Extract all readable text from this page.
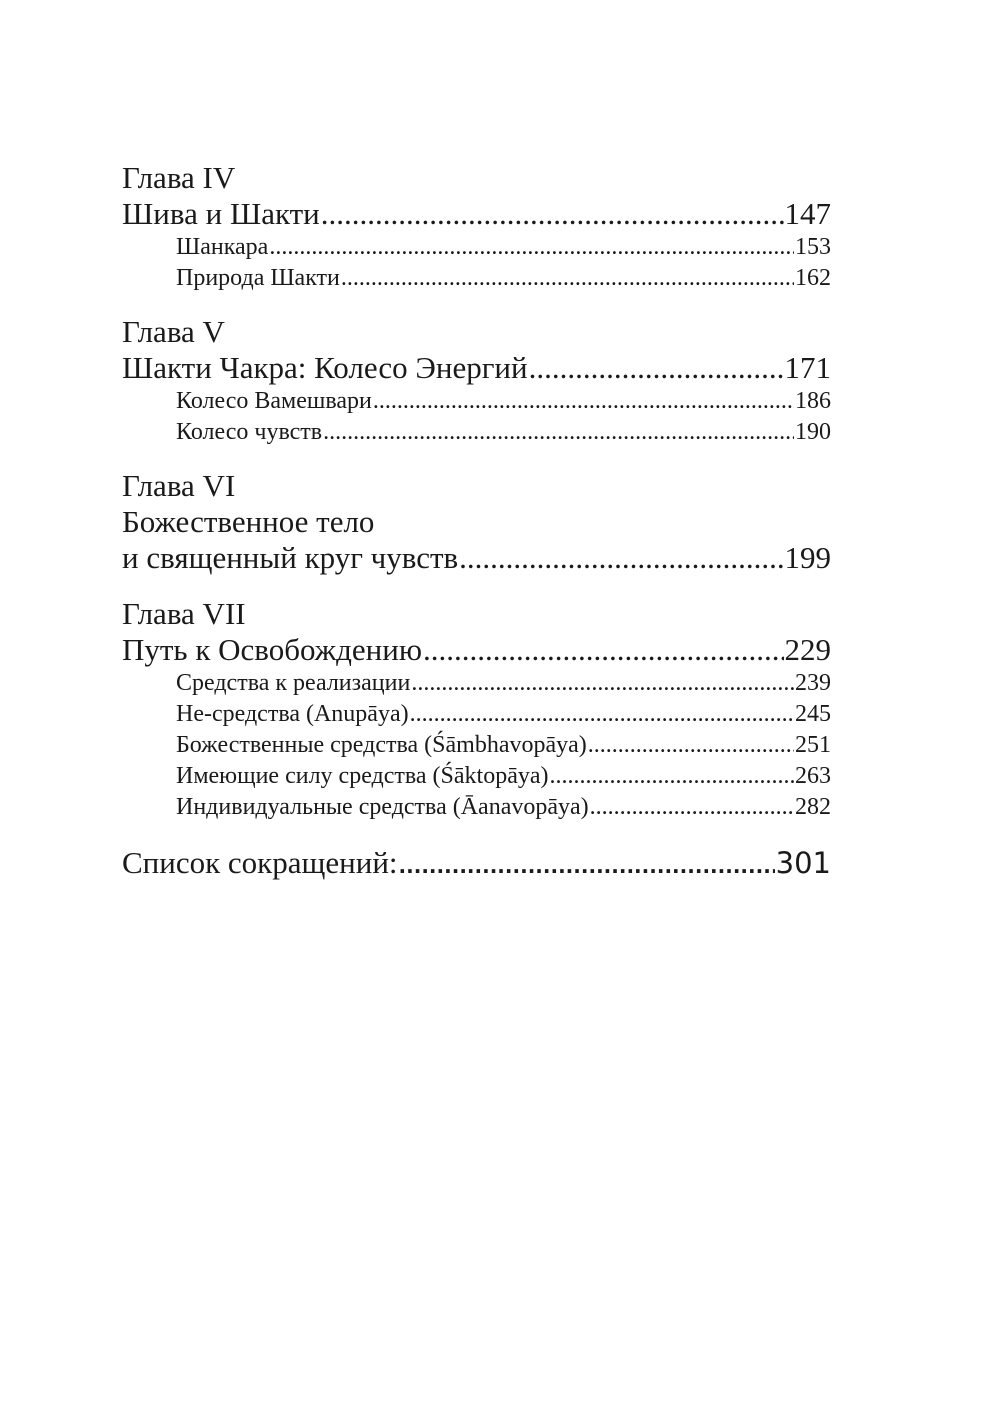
Глава IV
Шива и Шакти .....	147
Шанкара .....	153
Природа Шакти .....	162
Глава V
Шакти Чакра: Колесо Энергий .....	171
Колесо Вамешвари .....	186
Колесо чувств .....	190
Глава VI
Божественное тело
и священный круг чувств .....	199
Глава VII
Путь к Освобождению .....	229
Средства к реализации .....	239
Не-средства (Anupāya) .....	245
Божественные средства (Śāmbhavopāya) .....	251
Имеющие силу средства (Śāktopāya) .....	263
Индивидуальные средства (Āanavopāya) .....	282
Список сокращений: .....	301
